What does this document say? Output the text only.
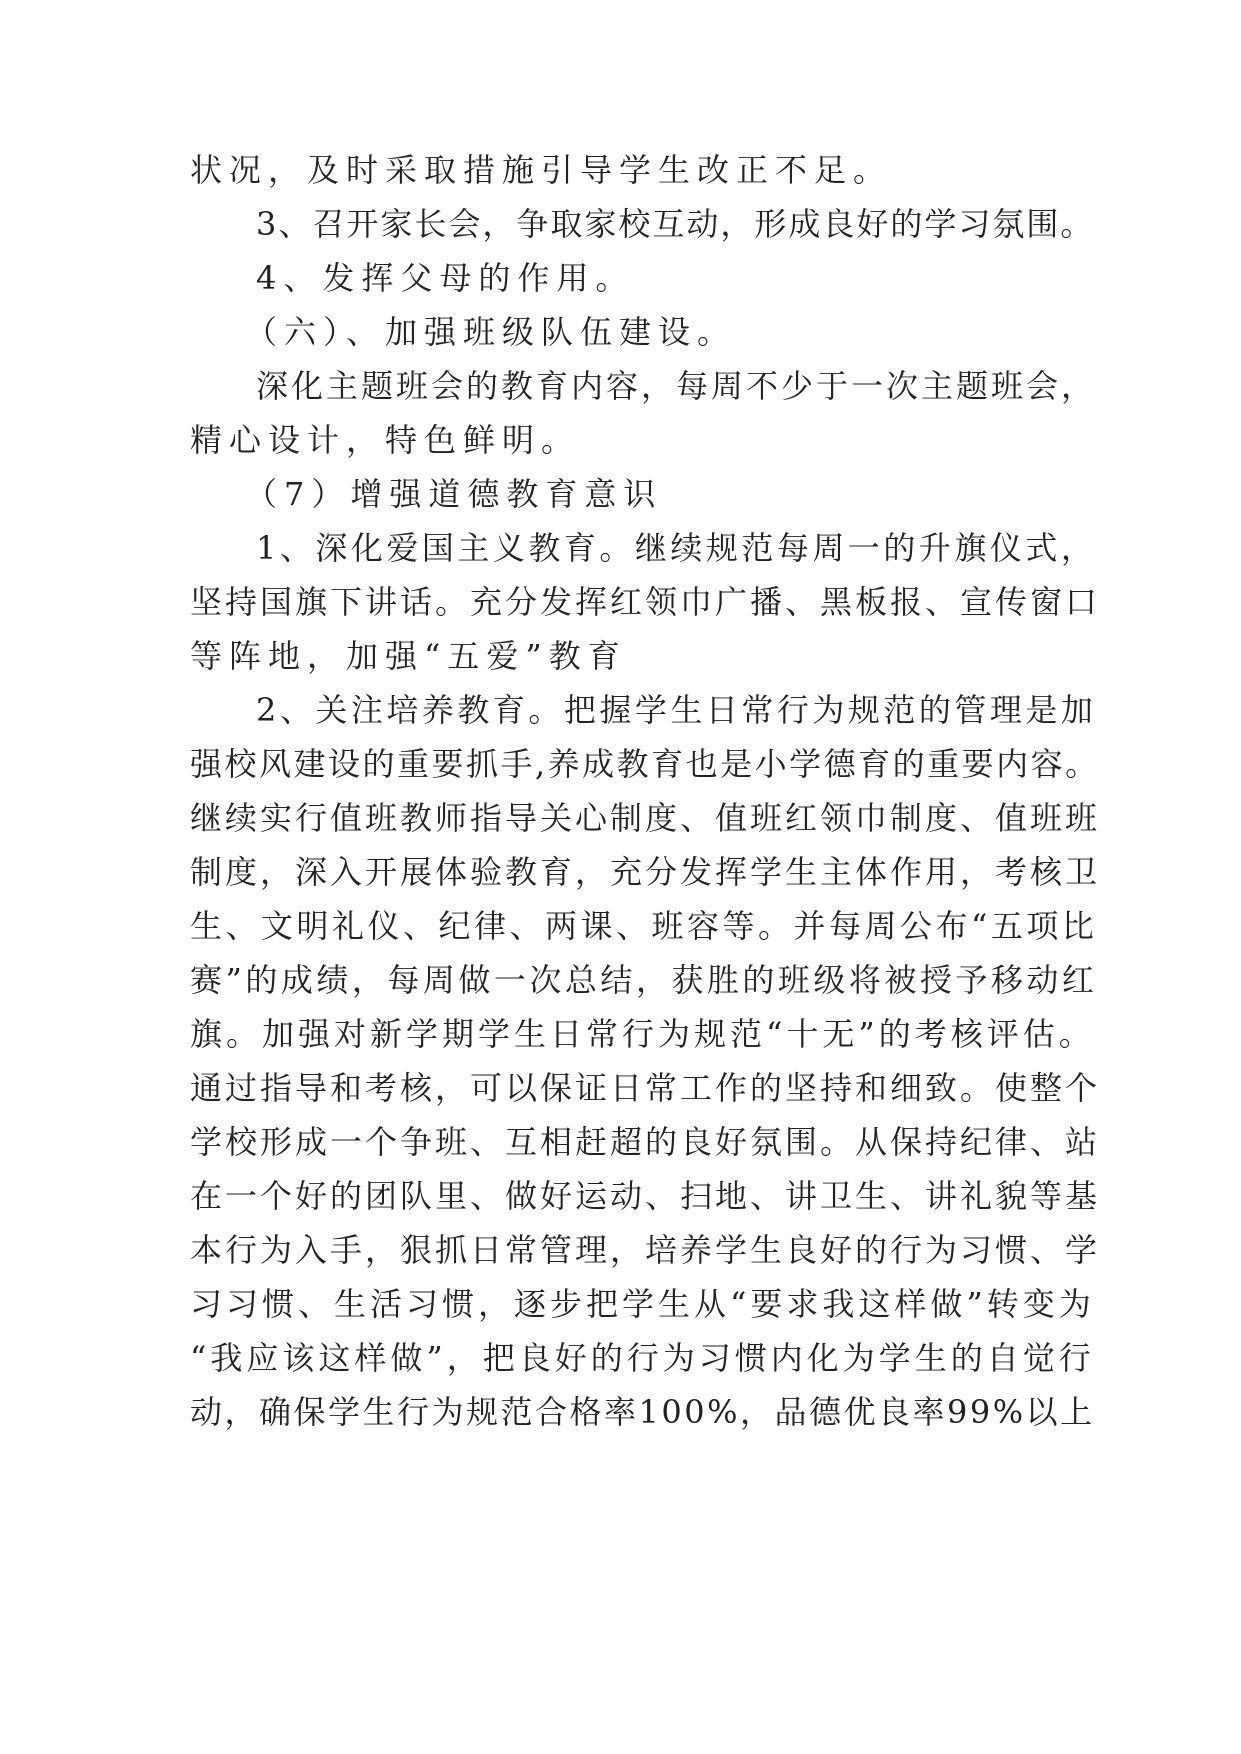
状况，及时采取措施引导学生改正不足。
3、召开家长会，争取家校互动，形成良好的学习氛围。
4、发挥父母的作用。
（六）、加强班级队伍建设。
深化主题班会的教育内容，每周不少于一次主题班会，
精心设计，特色鲜明。
（7）增强道德教育意识
1、深化爱国主义教育。继续规范每周一的升旗仪式，
坚持国旗下讲话。充分发挥红领巾广播、黑板报、宣传窗口
等阵地，加强“五爱”教育
2、关注培养教育。把握学生日常行为规范的管理是加
强校风建设的重要抓手,养成教育也是小学德育的重要内容。
继续实行值班教师指导关心制度、值班红领巾制度、值班班
制度，深入开展体验教育，充分发挥学生主体作用，考核卫
生、文明礼仪、纪律、两课、班容等。并每周公布“五项比
赛”的成绩，每周做一次总结，获胜的班级将被授予移动红
旗。加强对新学期学生日常行为规范“十无”的考核评估。
通过指导和考核，可以保证日常工作的坚持和细致。使整个
学校形成一个争班、互相赶超的良好氛围。从保持纪律、站
在一个好的团队里、做好运动、扫地、讲卫生、讲礼貌等基
本行为入手，狠抓日常管理，培养学生良好的行为习惯、学
习习惯、生活习惯，逐步把学生从“要求我这样做”转变为
“我应该这样做”，把良好的行为习惯内化为学生的自觉行
动，确保学生行为规范合格率100%，品德优良率99%以上
